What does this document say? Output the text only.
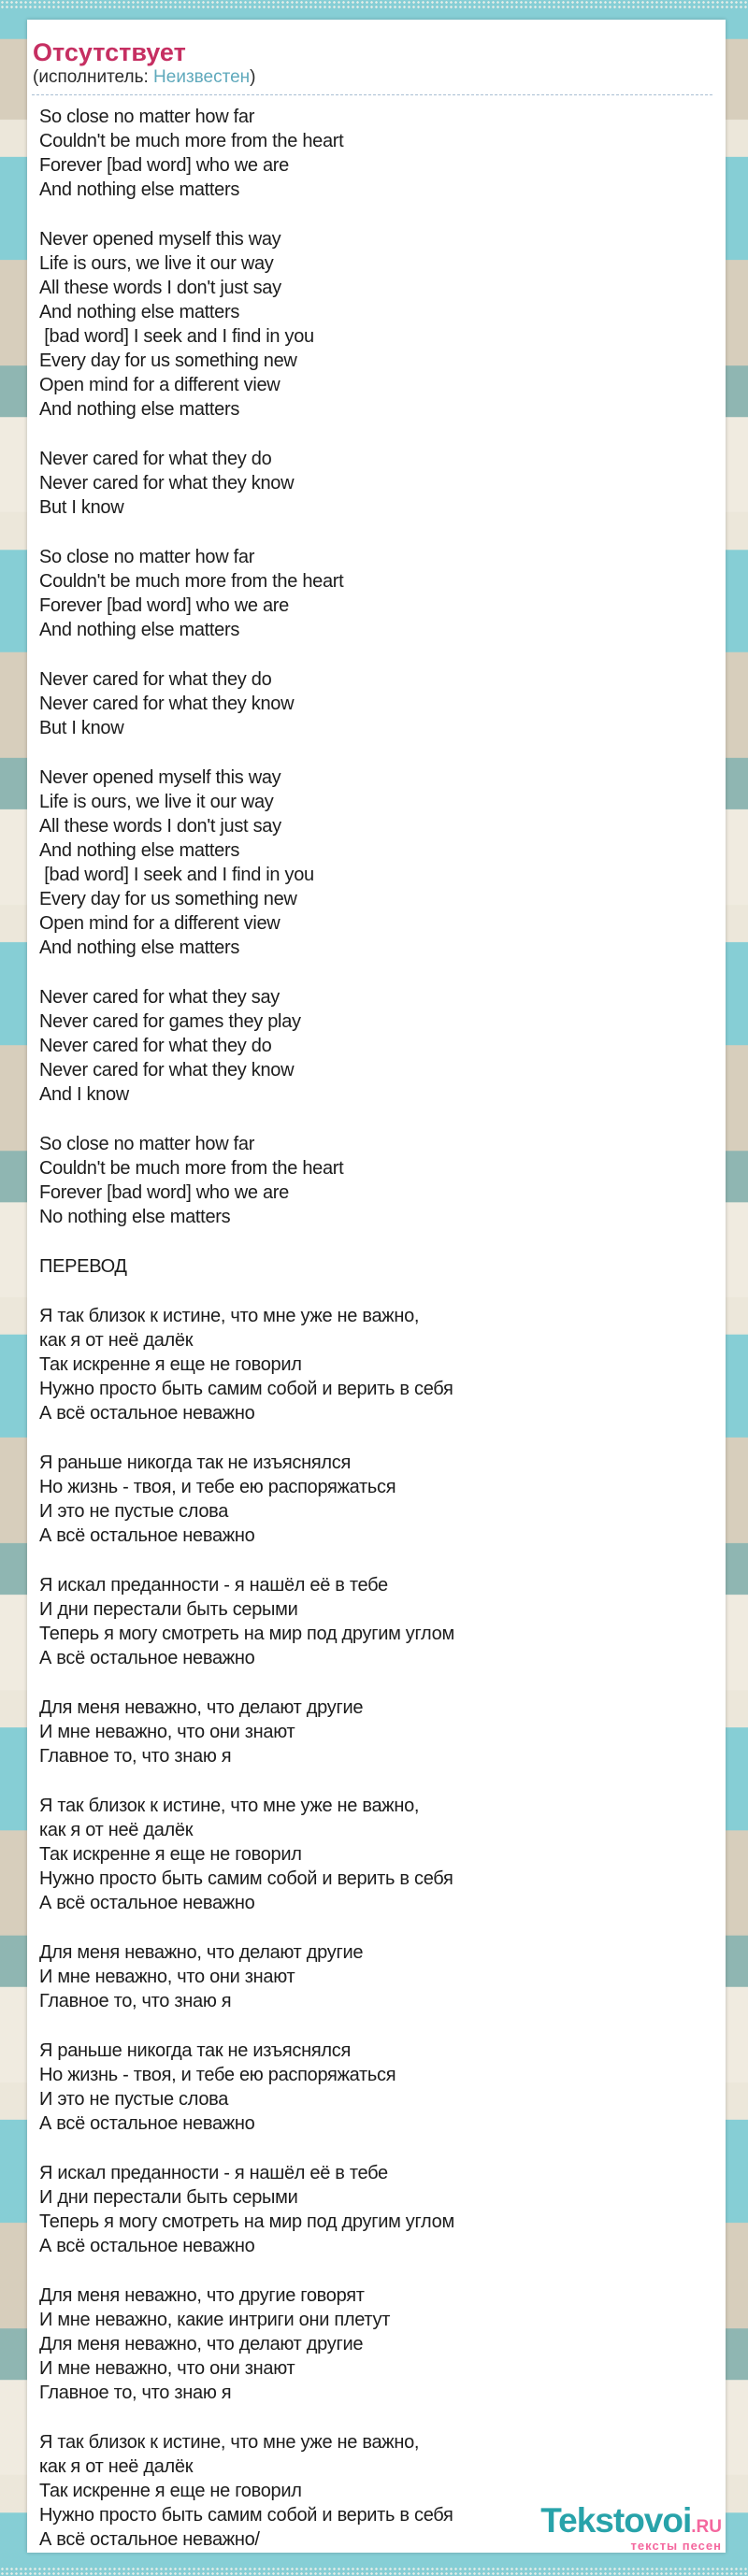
Отсутствует
(исполнитель: Неизвестен)
So close no matter how far
Couldn't be much more from the heart
Forever [bad word] who we are
And nothing else matters
Never opened myself this way
Life is ours, we live it our way
All these words I don't just say
And nothing else matters
[bad word] I seek and I find in you
Every day for us something new
Open mind for a different view
And nothing else matters
Never cared for what they do
Never cared for what they know
But I know
So close no matter how far
Couldn't be much more from the heart
Forever [bad word] who we are
And nothing else matters
Never cared for what they do
Never cared for what they know
But I know
Never opened myself this way
Life is ours, we live it our way
All these words I don't just say
And nothing else matters
[bad word] I seek and I find in you
Every day for us something new
Open mind for a different view
And nothing else matters
Never cared for what they say
Never cared for games they play
Never cared for what they do
Never cared for what they know
And I know
So close no matter how far
Couldn't be much more from the heart
Forever [bad word] who we are
No nothing else matters
ПЕРЕВОД
Я так близок к истине, что мне уже не важно,
как я от неё далёк
Так искренне я еще не говорил
Нужно просто быть самим собой и верить в себя
А всё остальное неважно
Я раньше никогда так не изъяснялся
Но жизнь - твоя, и тебе ею распоряжаться
И это не пустые слова
А всё остальное неважно
Я искал преданности - я нашёл её в тебе
И дни перестали быть серыми
Теперь я могу смотреть на мир под другим углом
А всё остальное неважно
Для меня неважно, что делают другие
И мне неважно, что они знают
Главное то, что знаю я
Я так близок к истине, что мне уже не важно,
как я от неё далёк
Так искренне я еще не говорил
Нужно просто быть самим собой и верить в себя
А всё остальное неважно
Для меня неважно, что делают другие
И мне неважно, что они знают
Главное то, что знаю я
Я раньше никогда так не изъяснялся
Но жизнь - твоя, и тебе ею распоряжаться
И это не пустые слова
А всё остальное неважно
Я искал преданности - я нашёл её в тебе
И дни перестали быть серыми
Теперь я могу смотреть на мир под другим углом
А всё остальное неважно
Для меня неважно, что другие говорят
И мне неважно, какие интриги они плетут
Для меня неважно, что делают другие
И мне неважно, что они знают
Главное то, что знаю я
Я так близок к истине, что мне уже не важно,
как я от неё далёк
Так искренне я еще не говорил
Нужно просто быть самим собой и верить в себя
А всё остальное неважно/	Tekstovoi.RU
тексты песен
